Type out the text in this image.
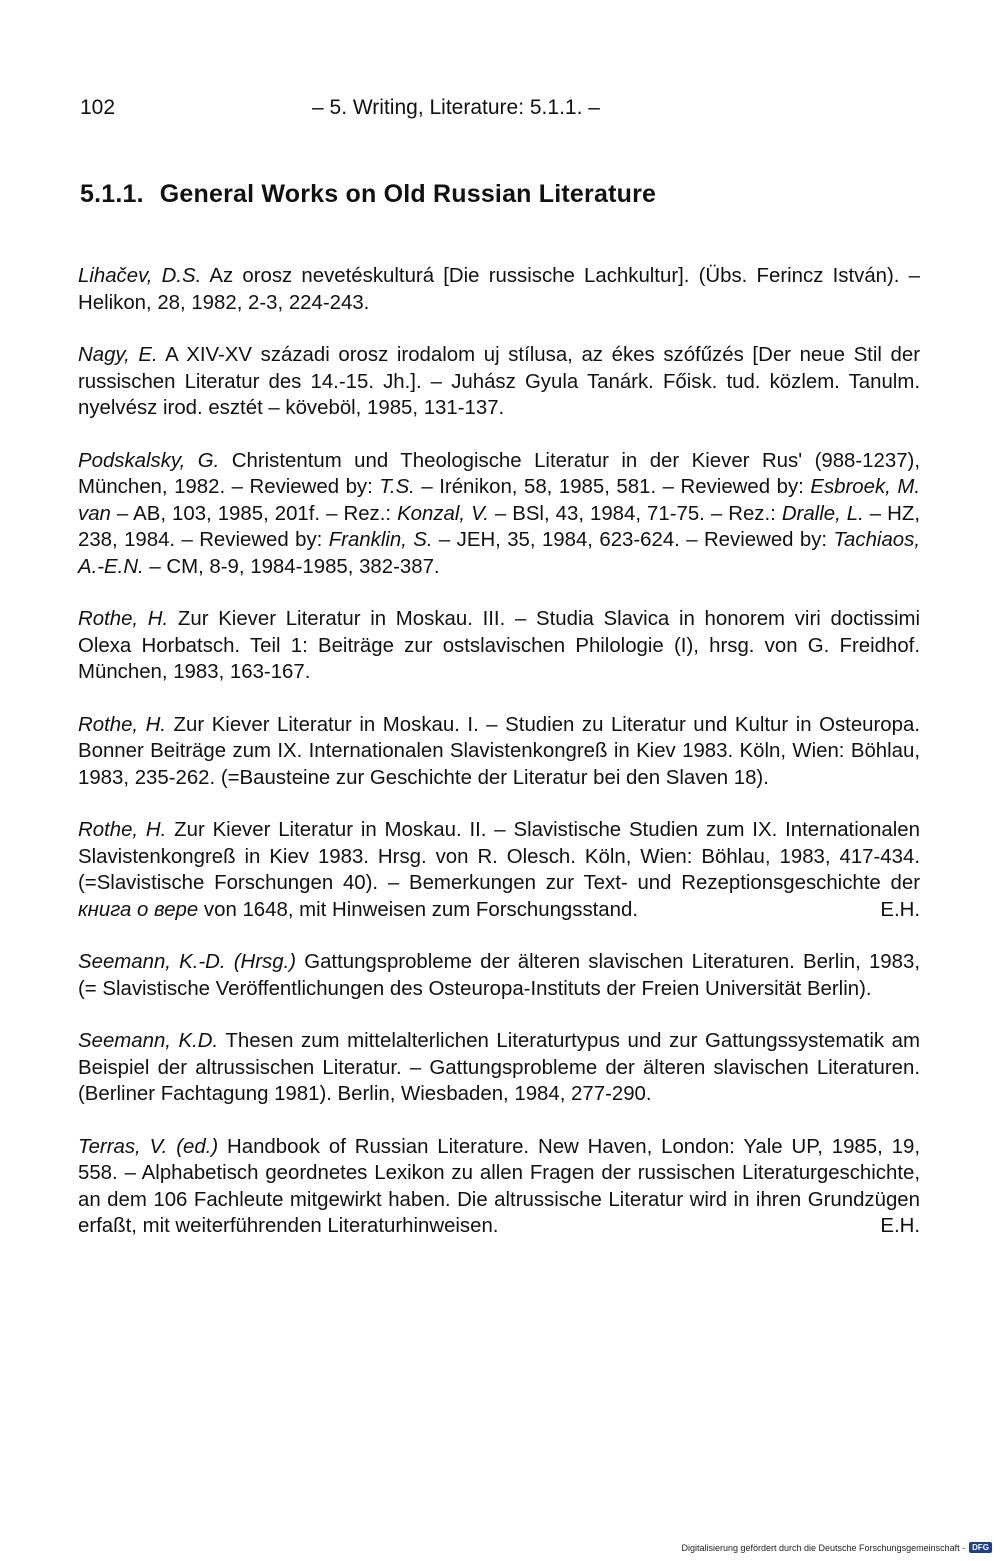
102	– 5. Writing, Literature: 5.1.1. –
5.1.1. General Works on Old Russian Literature

Lihačev, D.S. Az orosz nevetéskulturá [Die russische Lachkultur]. (Übs. Ferincz István). – Helikon, 28, 1982, 2-3, 224-243.

Nagy, E. A XIV-XV századi orosz irodalom uj stílusa, az ékes szófűzés [Der neue Stil der russischen Literatur des 14.-15. Jh.]. – Juhász Gyula Tanárk. Főisk. tud. közlem. Tanulm. nyelvész irod. esztét – köveböl, 1985, 131-137.

Podskalsky, G. Christentum und Theologische Literatur in der Kiever Rus' (988-1237), München, 1982. – Reviewed by: T.S. – Irénikon, 58, 1985, 581. – Reviewed by: Esbroek, M. van – AB, 103, 1985, 201f. – Rez.: Konzal, V. – BSl, 43, 1984, 71-75. – Rez.: Dralle, L. – HZ, 238, 1984. – Reviewed by: Franklin, S. – JEH, 35, 1984, 623-624. – Reviewed by: Tachiaos, A.-E.N. – CM, 8-9, 1984-1985, 382-387.

Rothe, H. Zur Kiever Literatur in Moskau. III. – Studia Slavica in honorem viri doctissimi Olexa Horbatsch. Teil 1: Beiträge zur ostslavischen Philologie (I), hrsg. von G. Freidhof. München, 1983, 163-167.

Rothe, H. Zur Kiever Literatur in Moskau. I. – Studien zu Literatur und Kultur in Osteuropa. Bonner Beiträge zum IX. Internationalen Slavistenkongreß in Kiev 1983. Köln, Wien: Böhlau, 1983, 235-262. (=Bausteine zur Geschichte der Literatur bei den Slaven 18).

Rothe, H. Zur Kiever Literatur in Moskau. II. – Slavistische Studien zum IX. Internationalen Slavistenkongreß in Kiev 1983. Hrsg. von R. Olesch. Köln, Wien: Böhlau, 1983, 417-434. (=Slavistische Forschungen 40). – Bemerkungen zur Text- und Rezeptionsgeschichte der книга о вере von 1648, mit Hinweisen zum Forschungsstand.	E.H.

Seemann, K.-D. (Hrsg.) Gattungsprobleme der älteren slavischen Literaturen. Berlin, 1983, (= Slavistische Veröffentlichungen des Osteuropa-Instituts der Freien Universität Berlin).

Seemann, K.D. Thesen zum mittelalterlichen Literaturtypus und zur Gattungssystematik am Beispiel der altrussischen Literatur. – Gattungsprobleme der älteren slavischen Literaturen. (Berliner Fachtagung 1981). Berlin, Wiesbaden, 1984, 277-290.

Terras, V. (ed.) Handbook of Russian Literature. New Haven, London: Yale UP, 1985, 19, 558. – Alphabetisch geordnetes Lexikon zu allen Fragen der russischen Literaturgeschichte, an dem 106 Fachleute mitgewirkt haben. Die altrussische Literatur wird in ihren Grundzügen erfaßt, mit weiterführenden Literaturhinweisen.	E.H.

Digitalisierung gefördert durch die Deutsche Forschungsgemeinschaft - DFG
